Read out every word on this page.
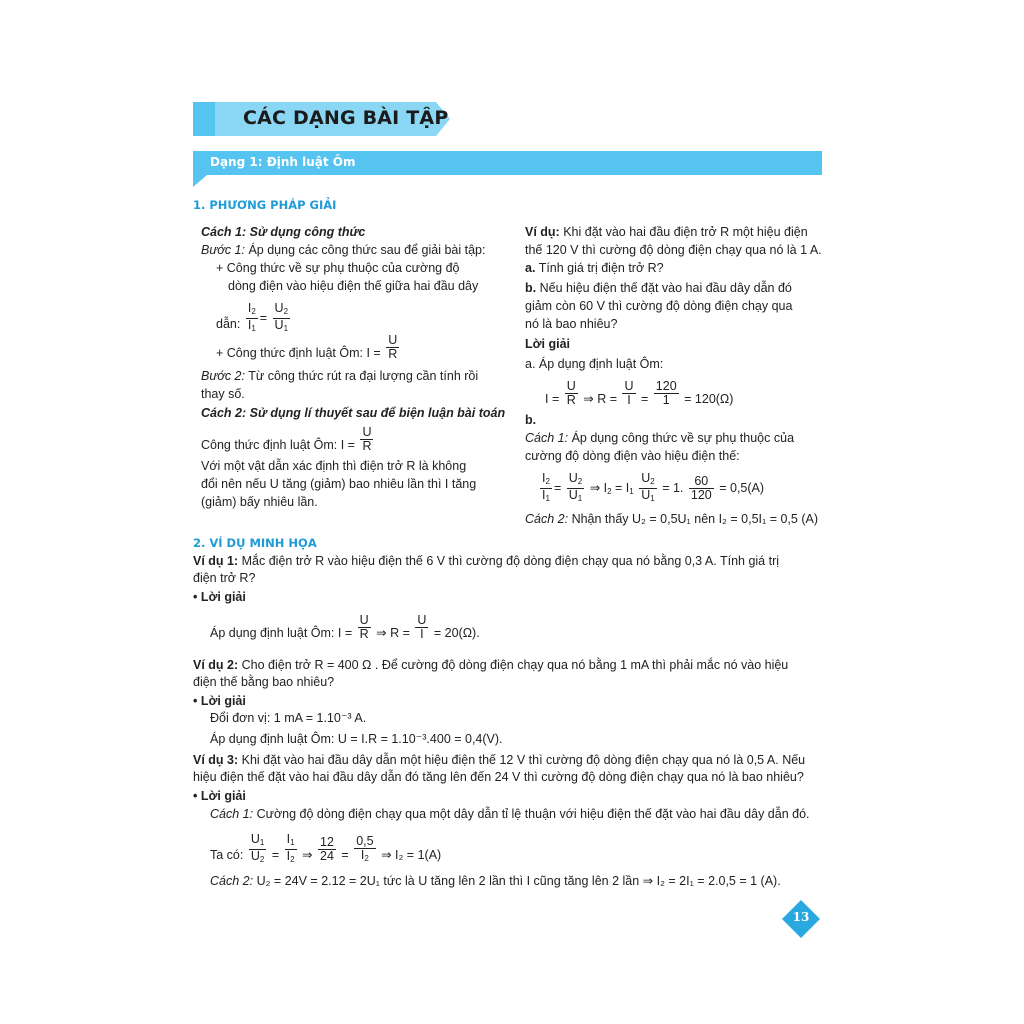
CÁC DẠNG BÀI TẬP
Dạng 1: Định luật Ôm
1. PHƯƠNG PHÁP GIẢI
Cách 1: Sử dụng công thức
Bước 1: Áp dụng các công thức sau để giải bài tập:
+ Công thức về sự phụ thuộc của cường độ
dòng điện vào hiệu điện thế giữa hai đầu dây
dẫn: $\frac{I_2}{I_1} = \frac{U_2}{U_1}$
+ Công thức định luật Ôm: $I = \frac{U}{R}$
Bước 2: Từ công thức rút ra đại lượng cần tính rồi
thay số.
Cách 2: Sử dụng lí thuyết sau để biện luận bài toán
Công thức định luật Ôm: $I = \frac{U}{R}$
Với một vật dẫn xác định thì điện trở R là không
đổi nên nếu U tăng (giảm) bao nhiêu lần thì I tăng
(giảm) bấy nhiêu lần.
Ví dụ: Khi đặt vào hai đầu điện trở R một hiệu điện
thế 120 V thì cường độ dòng điện chạy qua nó là 1 A.
a. Tính giá trị điện trở R?
b. Nếu hiệu điện thế đặt vào hai đầu dây dẫn đó
giảm còn 60 V thì cường độ dòng điện chạy qua
nó là bao nhiêu?
Lời giải
a. Áp dụng định luật Ôm:
$I = \frac{U}{R}$ ⇒ $R = \frac{U}{I} = \frac{120}{1} = 120(\Omega)$
b.
Cách 1: Áp dụng công thức về sự phụ thuộc của
cường độ dòng điện vào hiệu điện thế:
$\frac{I_2}{I_1} = \frac{U_2}{U_1}$ ⇒ $I_2 = I_1 \frac{U_2}{U_1} = 1$. $\frac{60}{120} = 0,5(A)$
Cách 2: Nhận thấy U₂ = 0,5U₁ nên I₂ = 0,5I₁ = 0,5 (A)
2. VÍ DỤ MINH HỌA
Ví dụ 1: Mắc điện trở R vào hiệu điện thế 6 V thì cường độ dòng điện chạy qua nó bằng 0,3 A. Tính giá trị
điện trở R?
• Lời giải
Áp dụng định luật Ôm: $I = \frac{U}{R}$ ⇒ $R = \frac{U}{I} = 20(\Omega)$.
Ví dụ 2: Cho điện trở R = 400 Ω . Để cường độ dòng điện chạy qua nó bằng 1 mA thì phải mắc nó vào hiệu
điện thế bằng bao nhiêu?
• Lời giải
Đổi đơn vị: 1 mA = 1.10⁻³ A.
Áp dụng định luật Ôm: U = I.R = 1.10⁻³.400 = 0,4(V).
Ví dụ 3: Khi đặt vào hai đầu dây dẫn một hiệu điện thế 12 V thì cường độ dòng điện chạy qua nó là 0,5 A. Nếu
hiệu điện thế đặt vào hai đầu dây dẫn đó tăng lên đến 24 V thì cường độ dòng điện chạy qua nó là bao nhiêu?
• Lời giải
Cách 1: Cường độ dòng điện chạy qua một dây dẫn tỉ lệ thuận với hiệu điện thế đặt vào hai đầu dây dẫn đó.
Ta có: $\frac{U_1}{U_2} = \frac{I_1}{I_2}$ ⇒ $\frac{12}{24} = \frac{0,5}{I_2}$ ⇒ I₂ = 1(A)
Cách 2: U₂ = 24V = 2.12 = 2U₁ tức là U tăng lên 2 lần thì I cũng tăng lên 2 lần ⇒ I₂ = 2I₁ = 2.0,5 = 1 (A).
13
